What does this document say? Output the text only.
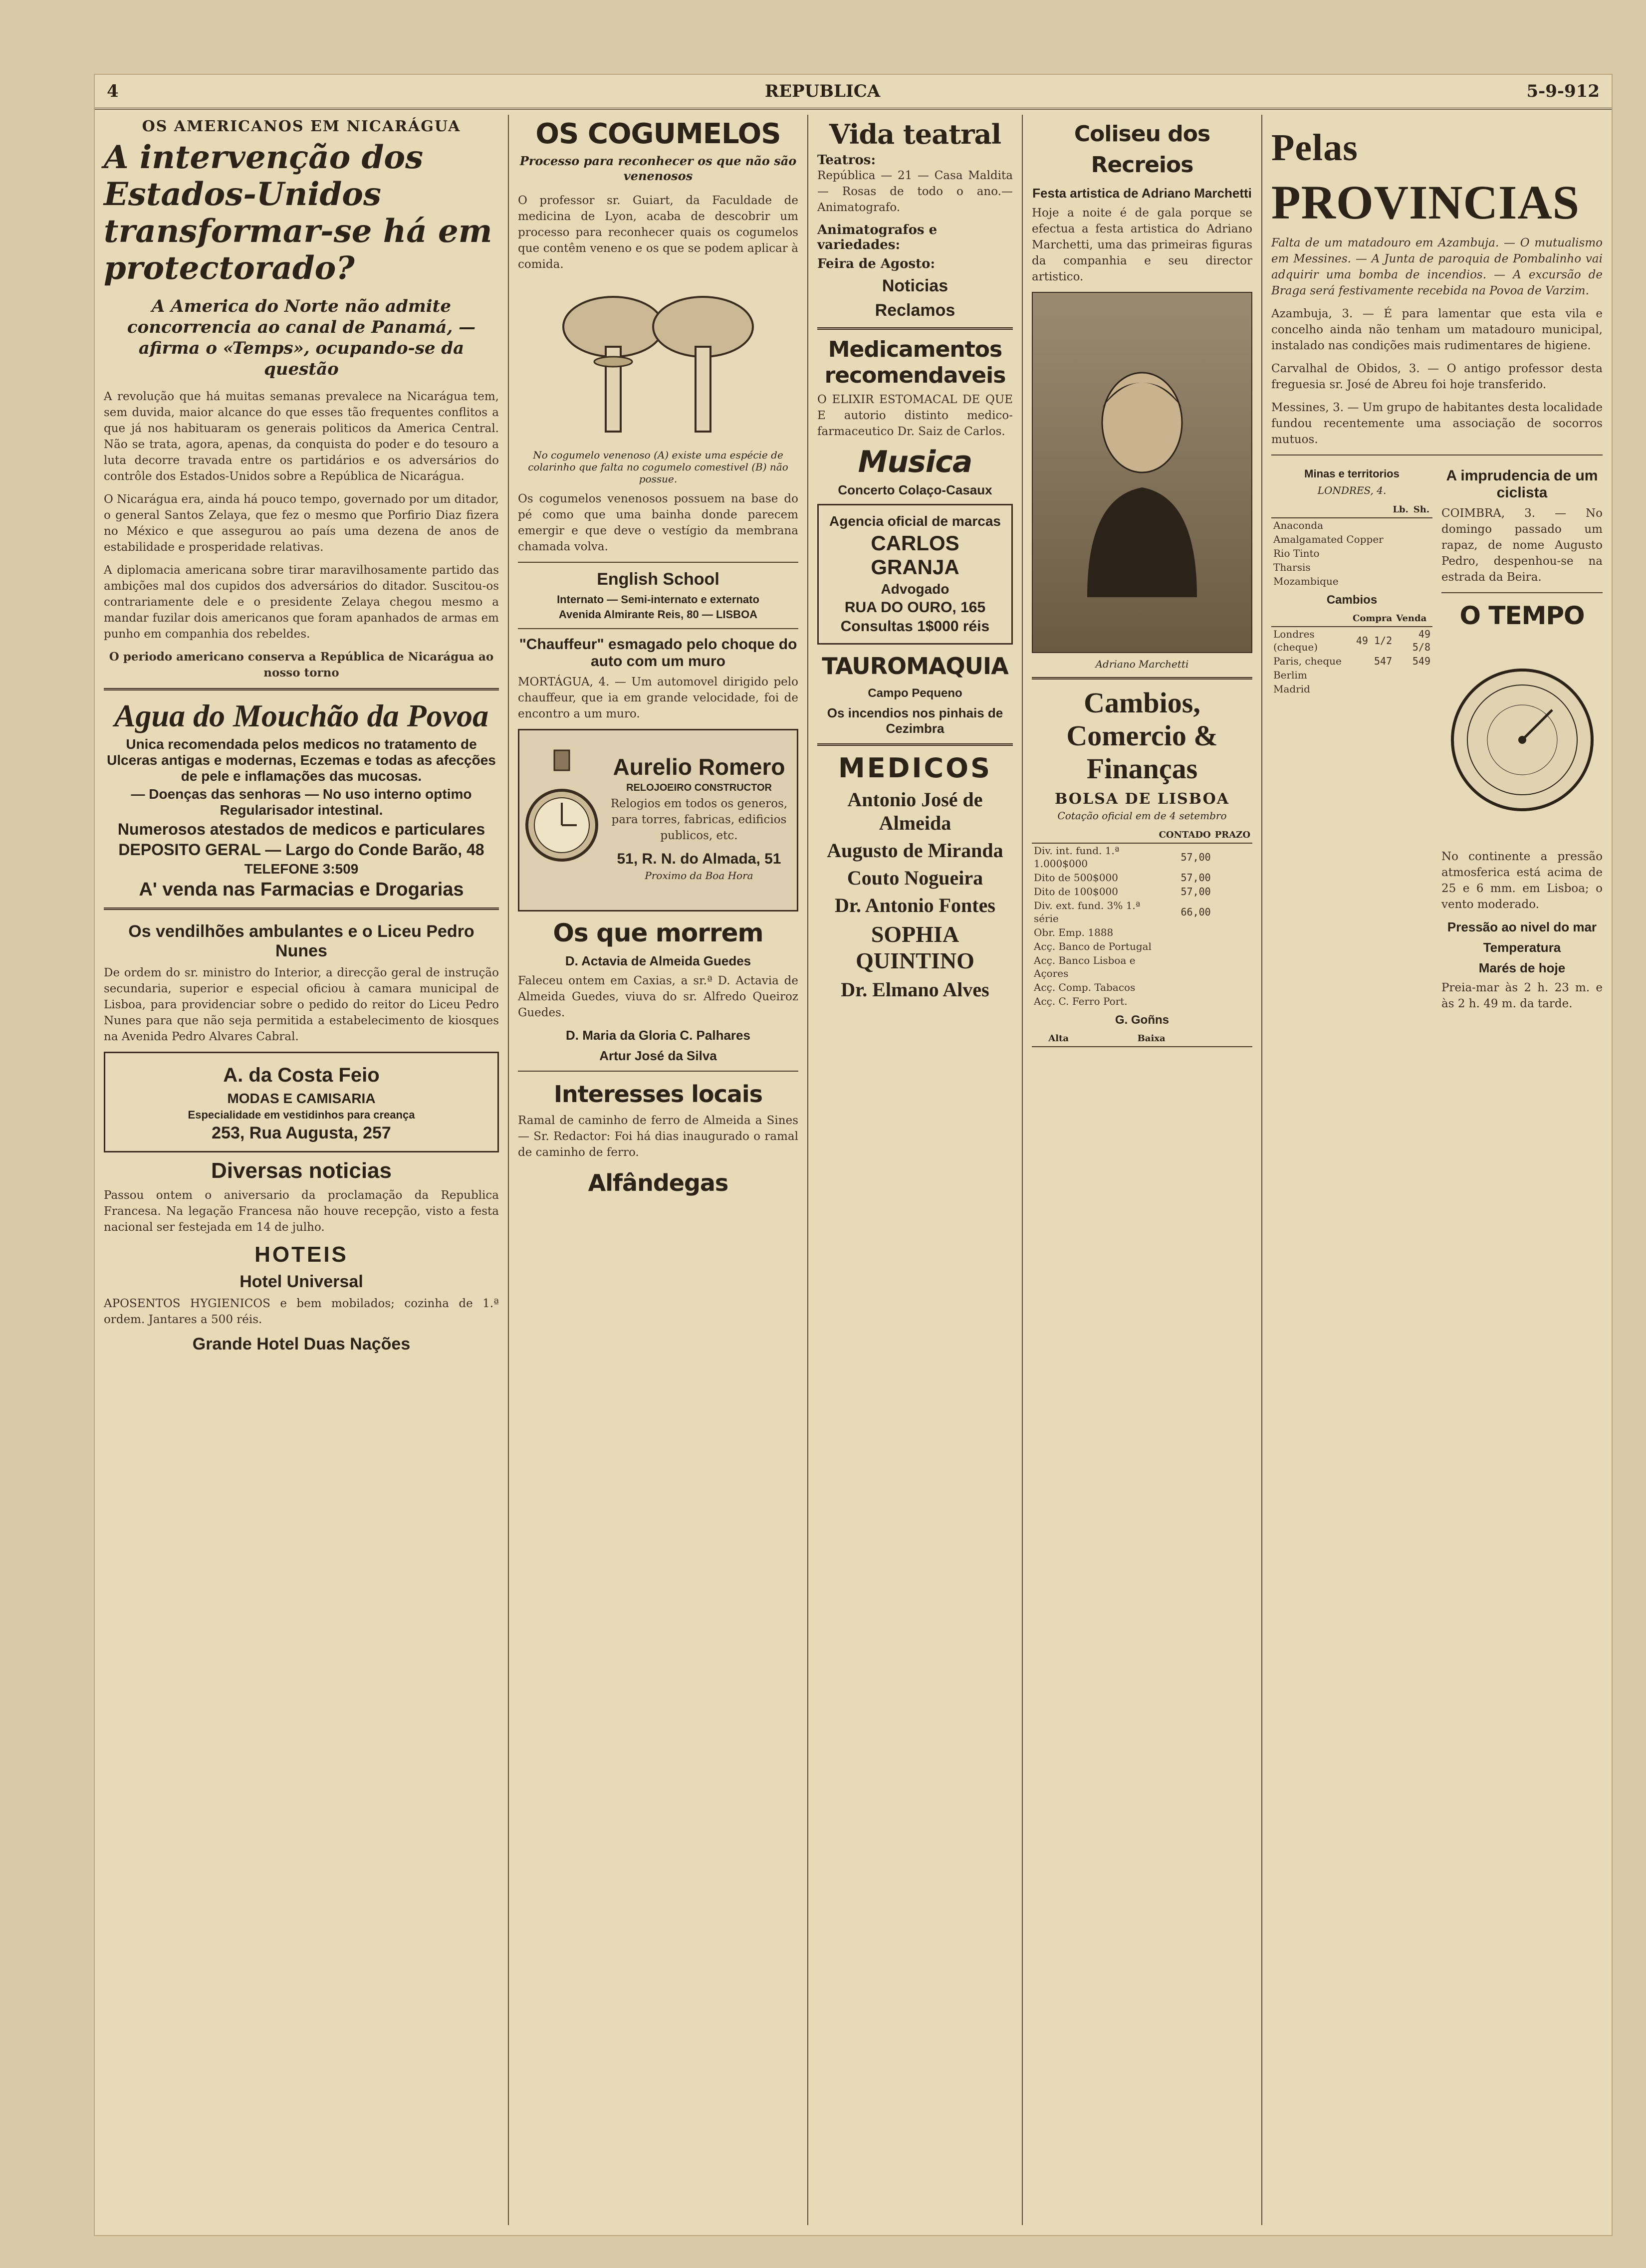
4	REPUBLICA	5-9-912
OS AMERICANOS EM NICARÁGUA
A intervenção dos Estados-Unidos transformar-se há em protectorado?
A America do Norte não admite concorrencia ao canal de Panamá, — afirma o «Temps», ocupando-se da questão

A revolução que há muitas semanas prevalece na Nicarágua tem, sem duvida, maior alcance do que esses tão frequentes conflitos a que já nos habituaram os generais politicos da America Central. Não se trata, agora, apenas, da conquista do poder e do tesouro a luta decorre travada entre os partidários e os adversários do contrôle dos Estados-Unidos sobre a República de Nicarágua.

O Nicarágua era, ainda há pouco tempo, governado por um ditador, o general Santos Zelaya, que fez o mesmo que Porfirio Diaz fizera no México e que assegurou ao país uma dezena de anos de estabilidade e prosperidade relativas.

A diplomacia americana sobre tirar maravilhosamente partido das ambições mal dos cupidos dos adversários do ditador. Suscitou-os contrariamente dele e o presidente Zelaya chegou mesmo a mandar fuzilar dois americanos que foram apanhados de armas em punho em companhia dos rebeldes.

O periodo americano conserva a República de Nicarágua ao nosso torno

Agua do Mouchão da Povoa
Unica recomendada pelos medicos no tratamento de Ulceras antigas e modernas, Eczemas e todas as afecções de pele e inflamações das mucosas.
— Doenças das senhoras — No uso interno optimo Regularisador intestinal.
Numerosos atestados de medicos e particulares
DEPOSITO GERAL — Largo do Conde Barão, 48
TELEFONE 3:509
A' venda nas Farmacias e Drogarias
Os vendilhões ambulantes e o Liceu Pedro Nunes

De ordem do sr. ministro do Interior, a direcção geral de instrução secundaria, superior e especial oficiou à camara municipal de Lisboa, para providenciar sobre o pedido do reitor do Liceu Pedro Nunes para que não seja permitida a estabelecimento de kiosques na Avenida Pedro Alvares Cabral.

A. da Costa Feio
MODAS E CAMISARIA
Especialidade em vestidinhos para creança
253, Rua Augusta, 257
Diversas noticias

Passou ontem o aniversario da proclamação da Republica Francesa. Na legação Francesa não houve recepção, visto a festa nacional ser festejada em 14 de julho.

HOTEIS
Hotel Universal

APOSENTOS HYGIENICOS e bem mobilados; cozinha de 1.ª ordem. Jantares a 500 réis.

Grande Hotel Duas Nações
OS COGUMELOS
Processo para reconhecer os que não são venenosos

O professor sr. Guiart, da Faculdade de medicina de Lyon, acaba de descobrir um processo para reconhecer quais os cogumelos que contêm veneno e os que se podem aplicar à comida.

No cogumelo venenoso (A) existe uma espécie de colarinho que falta no cogumelo comestivel (B) não possue.

Os cogumelos venenosos possuem na base do pé como que uma bainha donde parecem emergir e que deve o vestígio da membrana chamada volva.

English School
Internato — Semi-internato e externato
Avenida Almirante Reis, 80 — LISBOA
"Chauffeur" esmagado pelo choque do auto com um muro

MORTÁGUA, 4. — Um automovel dirigido pelo chauffeur, que ia em grande velocidade, foi de encontro a um muro.

Aurelio Romero
RELOJOEIRO CONSTRUCTOR

Relogios em todos os generos, para torres, fabricas, edificios publicos, etc.

51, R. N. do Almada, 51
Proximo da Boa Hora
Os que morrem
D. Actavia de Almeida Guedes

Faleceu ontem em Caxias, a sr.ª D. Actavia de Almeida Guedes, viuva do sr. Alfredo Queiroz Guedes.

D. Maria da Gloria C. Palhares
Artur José da Silva
Interesses locais

Ramal de caminho de ferro de Almeida a Sines — Sr. Redactor: Foi há dias inaugurado o ramal de caminho de ferro.

Alfândegas
Vida teatral
Teatros:

República — 21 — Casa Maldita — Rosas de todo o ano.— Animatografo.

Animatografos e variedades:
Feira de Agosto:
Noticias
Reclamos
Medicamentos recomendaveis

O ELIXIR ESTOMACAL DE QUE E autorio distinto medico-farmaceutico Dr. Saiz de Carlos.

Musica
Concerto Colaço-Casaux
Agencia oficial de marcas
CARLOS GRANJA
Advogado
RUA DO OURO, 165
Consultas 1$000 réis
TAUROMAQUIA
Campo Pequeno
Os incendios nos pinhais de Cezimbra
MEDICOS
Antonio José de Almeida
Augusto de Miranda
Couto Nogueira
Dr. Antonio Fontes
SOPHIA QUINTINO
Dr. Elmano Alves
Coliseu dos Recreios
Festa artistica de Adriano Marchetti

Hoje a noite é de gala porque se efectua a festa artistica do Adriano Marchetti, uma das primeiras figuras da companhia e seu director artistico.

Adriano Marchetti
Cambios, Comercio & Finanças
BOLSA DE LISBOA
Cotação oficial em de 4 setembro
	CONTADO	PRAZO
Div. int. fund. 1.ª 1.000$000	57,00	
Dito de 500$000	57,00	
Dito de 100$000	57,00	
Div. ext. fund. 3% 1.ª série	66,00	
Obr. Emp. 1888		
Acç. Banco de Portugal		
Acç. Banco Lisboa e Açores		
Acç. Comp. Tabacos		
Acç. C. Ferro Port.		
G. Goñns
	Alta	Baixa
Pelas PROVINCIAS

Falta de um matadouro em Azambuja. — O mutualismo em Messines. — A Junta de paroquia de Pombalinho vai adquirir uma bomba de incendios. — A excursão de Braga será festivamente recebida na Povoa de Varzim.

Azambuja, 3. — É para lamentar que esta vila e concelho ainda não tenham um matadouro municipal, instalado nas condições mais rudimentares de higiene.

Carvalhal de Obidos, 3. — O antigo professor desta freguesia sr. José de Abreu foi hoje transferido.

Messines, 3. — Um grupo de habitantes desta localidade fundou recentemente uma associação de socorros mutuos.

Minas e territorios
LONDRES, 4.
	Lb.	Sh.
Anaconda		
Amalgamated Copper		
Rio Tinto		
Tharsis		
Mozambique		
Cambios
	Compra	Venda
Londres (cheque)	49 1/2	49 5/8
Paris, cheque	547	549
Berlim		
Madrid		
A imprudencia de um ciclista

COIMBRA, 3. — No domingo passado um rapaz, de nome Augusto Pedro, despenhou-se na estrada da Beira.

O TEMPO

No continente a pressão atmosferica está acima de 25 e 6 mm. em Lisboa; o vento moderado.

Pressão ao nivel do mar
Temperatura
Marés de hoje

Preia-mar às 2 h. 23 m. e às 2 h. 49 m. da tarde.
